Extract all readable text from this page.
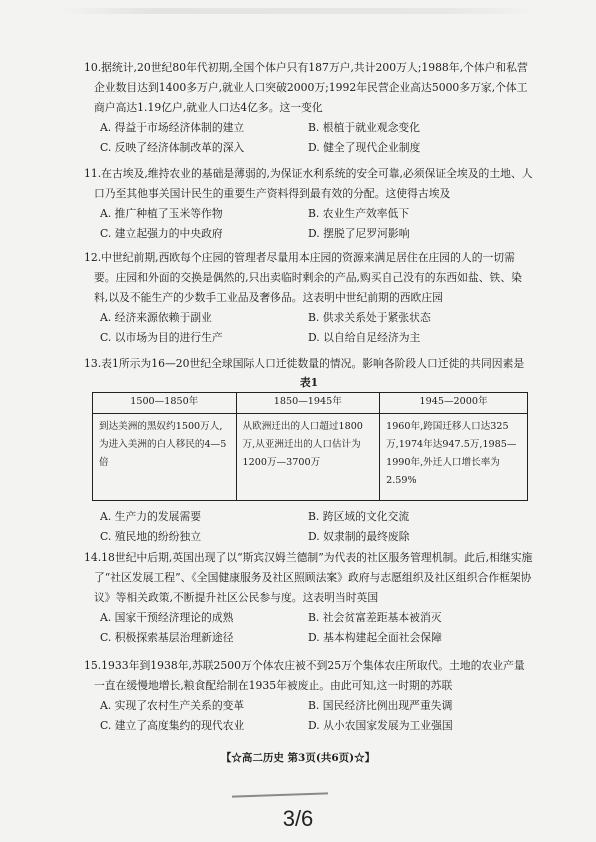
10.据统计,20世纪80年代初期,全国个体户只有187万户,共计200万人;1988年,个体户和私营企业数目达到1400多万户,就业人口突破2000万;1992年民营企业高达5000多万家,个体工商户高达1.19亿户,就业人口达4亿多。这一变化
A. 得益于市场经济体制的建立	B. 根植于就业观念变化
C. 反映了经济体制改革的深入	D. 健全了现代企业制度
11.在古埃及,维持农业的基础是薄弱的,为保证水利系统的安全可靠,必须保证全埃及的土地、人口乃至其他事关国计民生的重要生产资料得到最有效的分配。这使得古埃及
A. 推广种植了玉米等作物	B. 农业生产效率低下
C. 建立起强力的中央政府	D. 摆脱了尼罗河影响
12.中世纪前期,西欧每个庄园的管理者尽量用本庄园的资源来满足居住在庄园的人的一切需要。庄园和外面的交换是偶然的,只出卖临时剩余的产品,购买自己没有的东西如盐、铁、染料,以及不能生产的少数手工业品及奢侈品。这表明中世纪前期的西欧庄园
A. 经济来源依赖于副业	B. 供求关系处于紧张状态
C. 以市场为目的进行生产	D. 以自给自足经济为主
13.表1所示为16—20世纪全球国际人口迁徙数量的情况。影响各阶段人口迁徙的共同因素是
表1
1500—1850年	1850—1945年	1945—2000年
到达美洲的黑奴约1500万人,为进入美洲的白人移民的4—5倍	从欧洲迁出的人口超过1800万,从亚洲迁出的人口估计为1200万—3700万	1960年,跨国迁移人口达325万,1974年达947.5万,1985—1990年,外迁人口增长率为2.59%
A. 生产力的发展需要	B. 跨区域的文化交流
C. 殖民地的纷纷独立	D. 奴隶制的最终废除
14.18世纪中后期,英国出现了以“斯宾汉姆兰德制”为代表的社区服务管理机制。此后,相继实施了“社区发展工程”、《全国健康服务及社区照顾法案》政府与志愿组织及社区组织合作框架协议》等相关政策,不断提升社区公民参与度。这表明当时英国
A. 国家干预经济理论的成熟	B. 社会贫富差距基本被消灭
C. 积极探索基层治理新途径	D. 基本构建起全面社会保障
15.1933年到1938年,苏联2500万个体农庄被不到25万个集体农庄所取代。土地的农业产量一直在缓慢地增长,粮食配给制在1935年被废止。由此可知,这一时期的苏联
A. 实现了农村生产关系的变革	B. 国民经济比例出现严重失调
C. 建立了高度集约的现代农业	D. 从小农国家发展为工业强国
【☆高二历史 第3页(共6页)☆】
3/6
